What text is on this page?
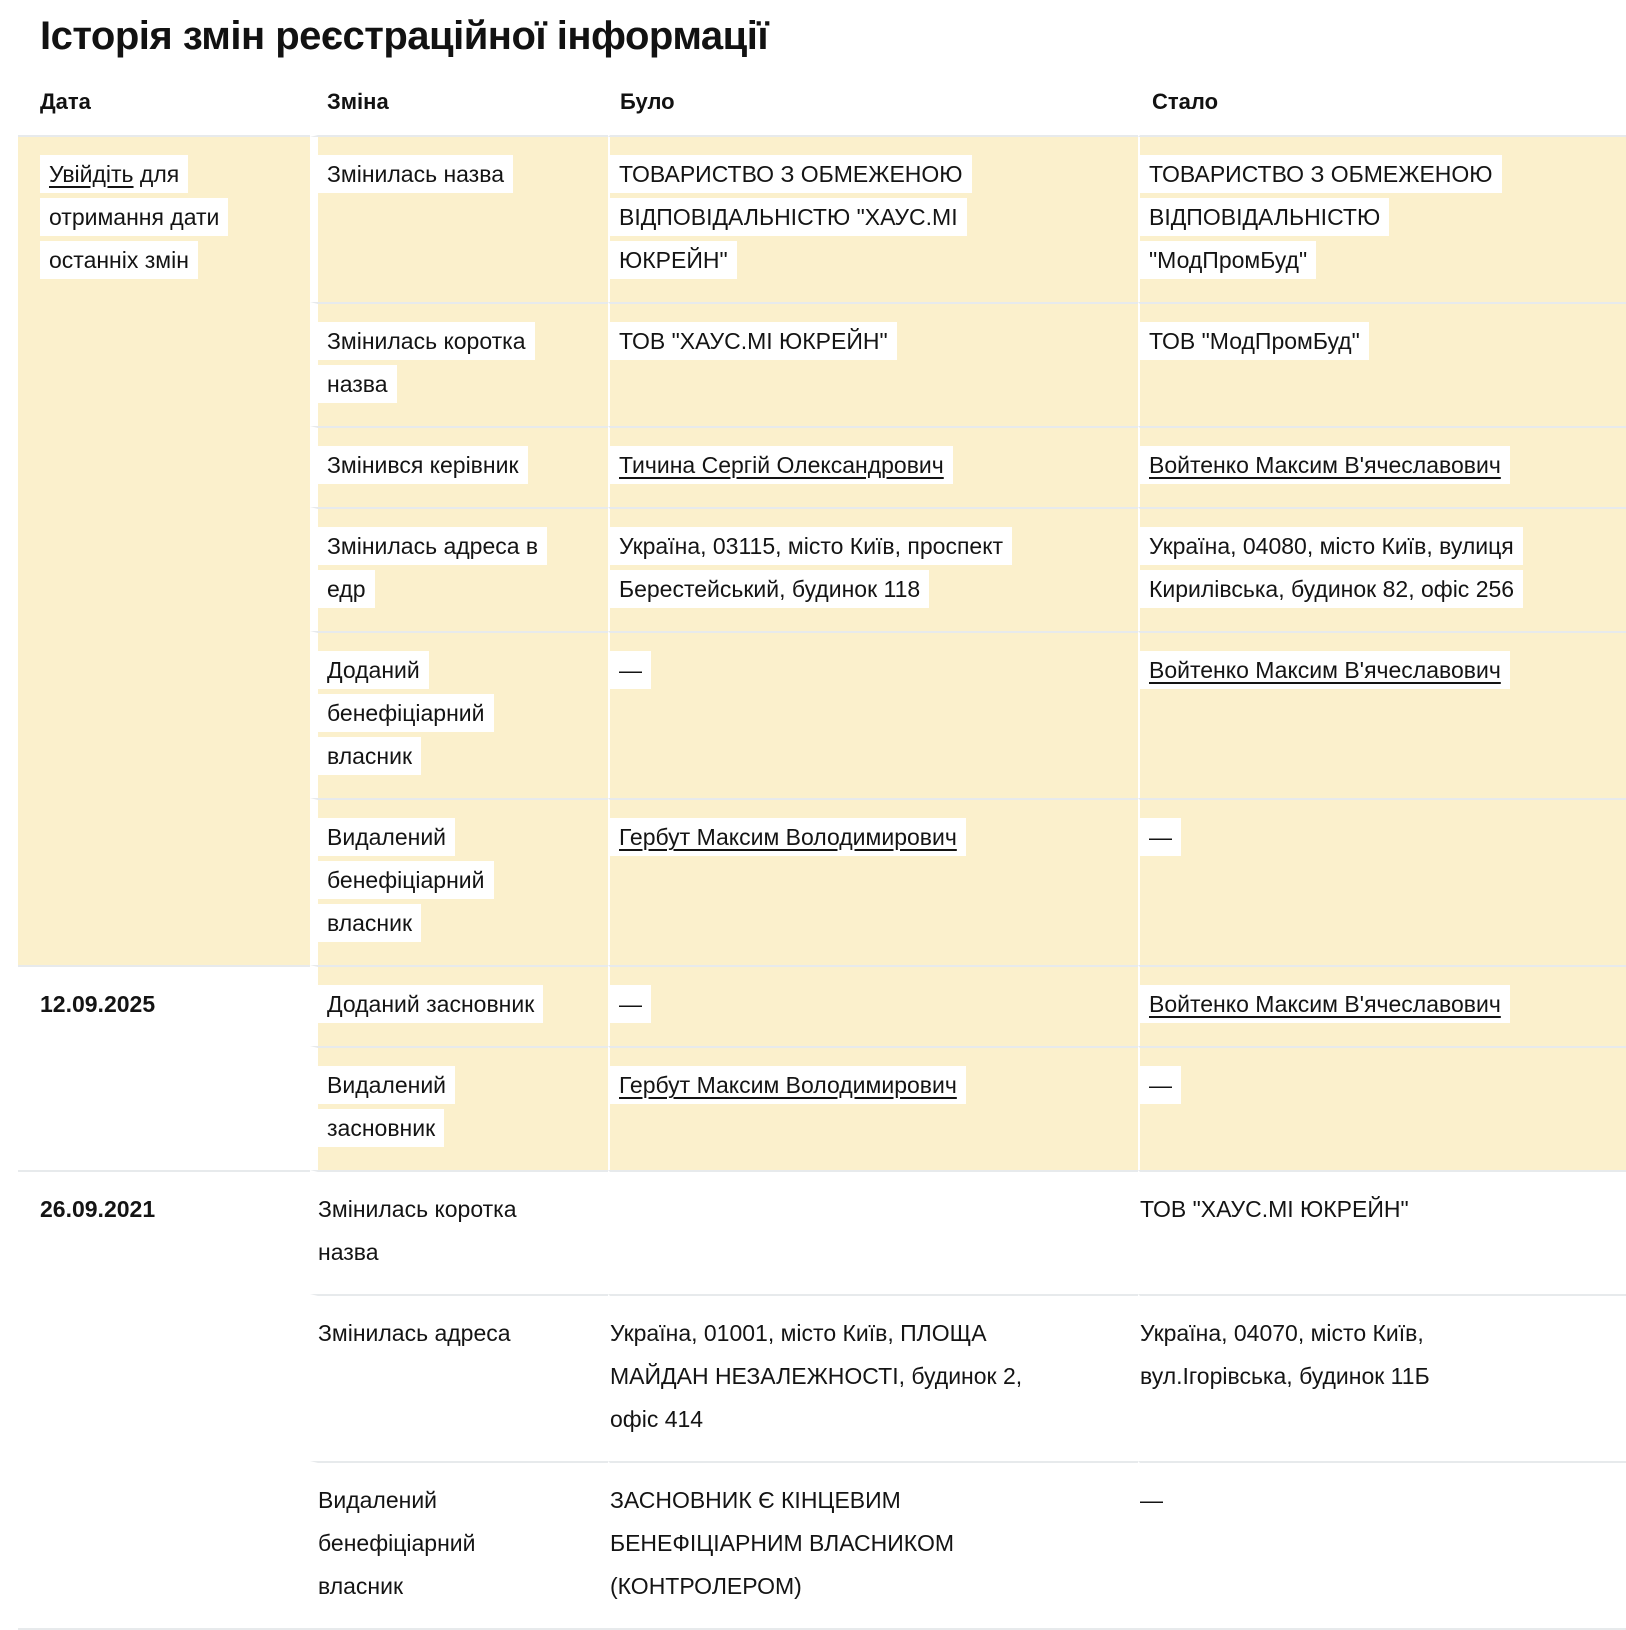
Історія змін реєстраційної інформації
Дата	Зміна	Було	Стало
Увійдіть для отримання дати останніх змін	Змінилась назва	ТОВАРИСТВО З ОБМЕЖЕНОЮ ВІДПОВІДАЛЬНІСТЮ "ХАУС.МІ ЮКРЕЙН"	ТОВАРИСТВО З ОБМЕЖЕНОЮ ВІДПОВІДАЛЬНІСТЮ "МодПромБуд"
	Змінилась коротка назва	ТОВ "ХАУС.МІ ЮКРЕЙН"	ТОВ "МодПромБуд"
	Змінився керівник	Тичина Сергій Олександрович	Войтенко Максим В'ячеславович
	Змінилась адреса в едр	Україна, 03115, місто Київ, проспект Берестейський, будинок 118	Україна, 04080, місто Київ, вулиця Кирилівська, будинок 82, офіс 256
	Доданий бенефіціарний власник	—	Войтенко Максим В'ячеславович
	Видалений бенефіціарний власник	Гербут Максим Володимирович	—
12.09.2025	Доданий засновник	—	Войтенко Максим В'ячеславович
	Видалений засновник	Гербут Максим Володимирович	—
26.09.2021	Змінилась коротка назва		ТОВ "ХАУС.МІ ЮКРЕЙН"
	Змінилась адреса	Україна, 01001, місто Київ, ПЛОЩА МАЙДАН НЕЗАЛЕЖНОСТІ, будинок 2, офіс 414	Україна, 04070, місто Київ, вул.Ігорівська, будинок 11Б
	Видалений бенефіціарний власник	ЗАСНОВНИК Є КІНЦЕВИМ БЕНЕФІЦІАРНИМ ВЛАСНИКОМ (КОНТРОЛЕРОМ)	—
